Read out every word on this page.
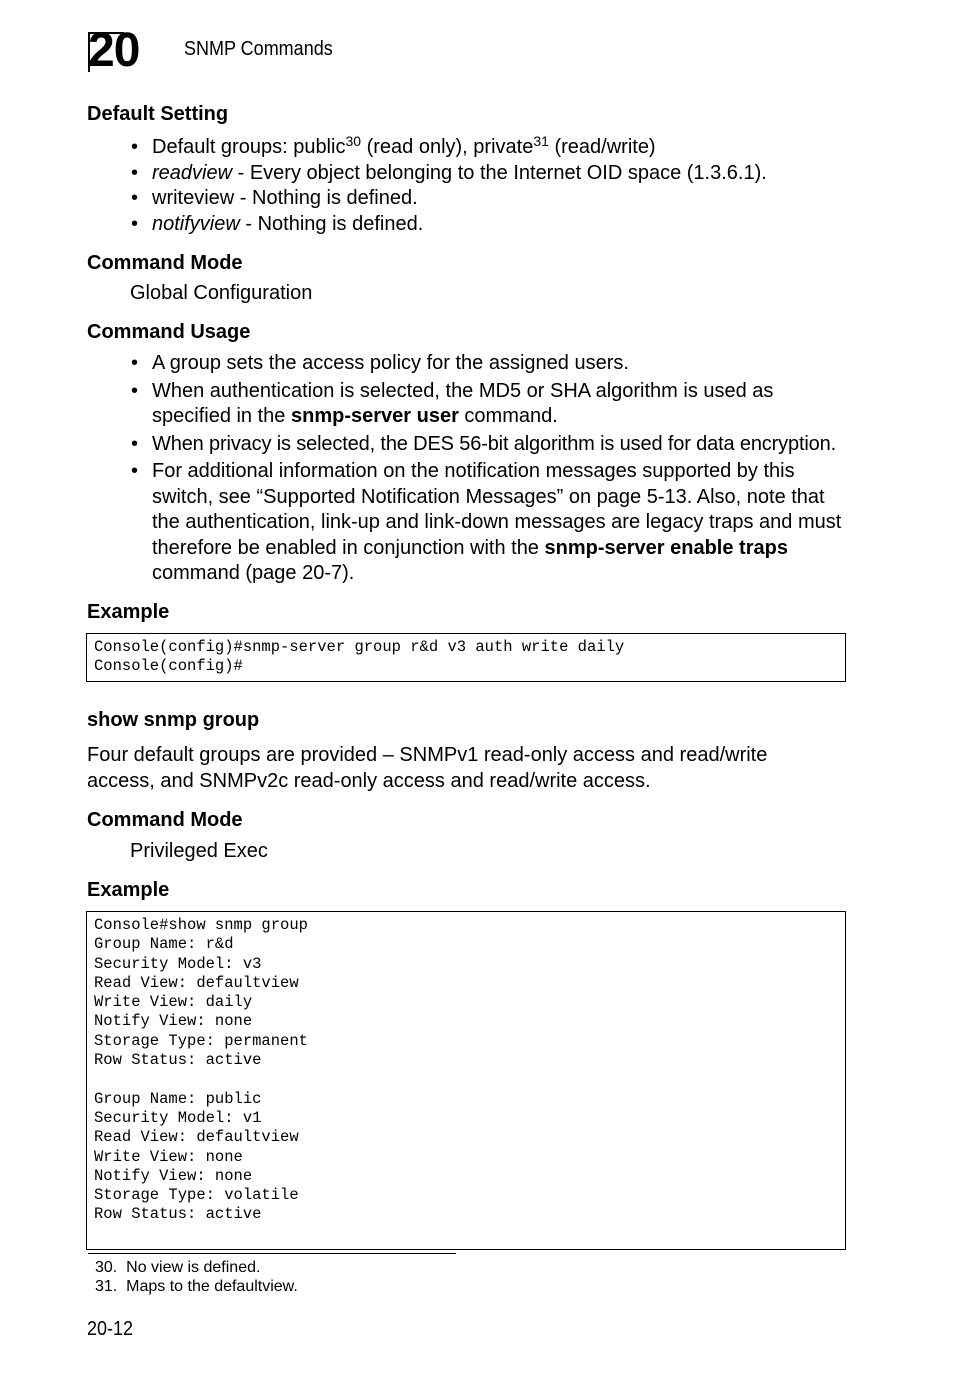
20	SNMP Commands
Default Setting
• Default groups: public$^{30}$ (read only), private$^{31}$ (read/write)
• readview - Every object belonging to the Internet OID space (1.3.6.1).
• writeview - Nothing is defined.
• notifyview - Nothing is defined.
Command Mode
Global Configuration
Command Usage
• A group sets the access policy for the assigned users.
• When authentication is selected, the MD5 or SHA algorithm is used as
specified in the snmp-server user command.
• When privacy is selected, the DES 56-bit algorithm is used for data encryption.
• For additional information on the notification messages supported by this
switch, see “Supported Notification Messages” on page 5-13. Also, note that
the authentication, link-up and link-down messages are legacy traps and must
therefore be enabled in conjunction with the snmp-server enable traps
command (page 20-7).
Example
Console(config)#snmp-server group r&d v3 auth write daily
Console(config)#
show snmp group
Four default groups are provided – SNMPv1 read-only access and read/write
access, and SNMPv2c read-only access and read/write access.
Command Mode
Privileged Exec
Example
Console#show snmp group
Group Name: r&d
Security Model: v3
Read View: defaultview
Write View: daily
Notify View: none
Storage Type: permanent
Row Status: active

Group Name: public
Security Model: v1
Read View: defaultview
Write View: none
Notify View: none
Storage Type: volatile
Row Status: active

30. No view is defined.
31. Maps to the defaultview.
20-12
